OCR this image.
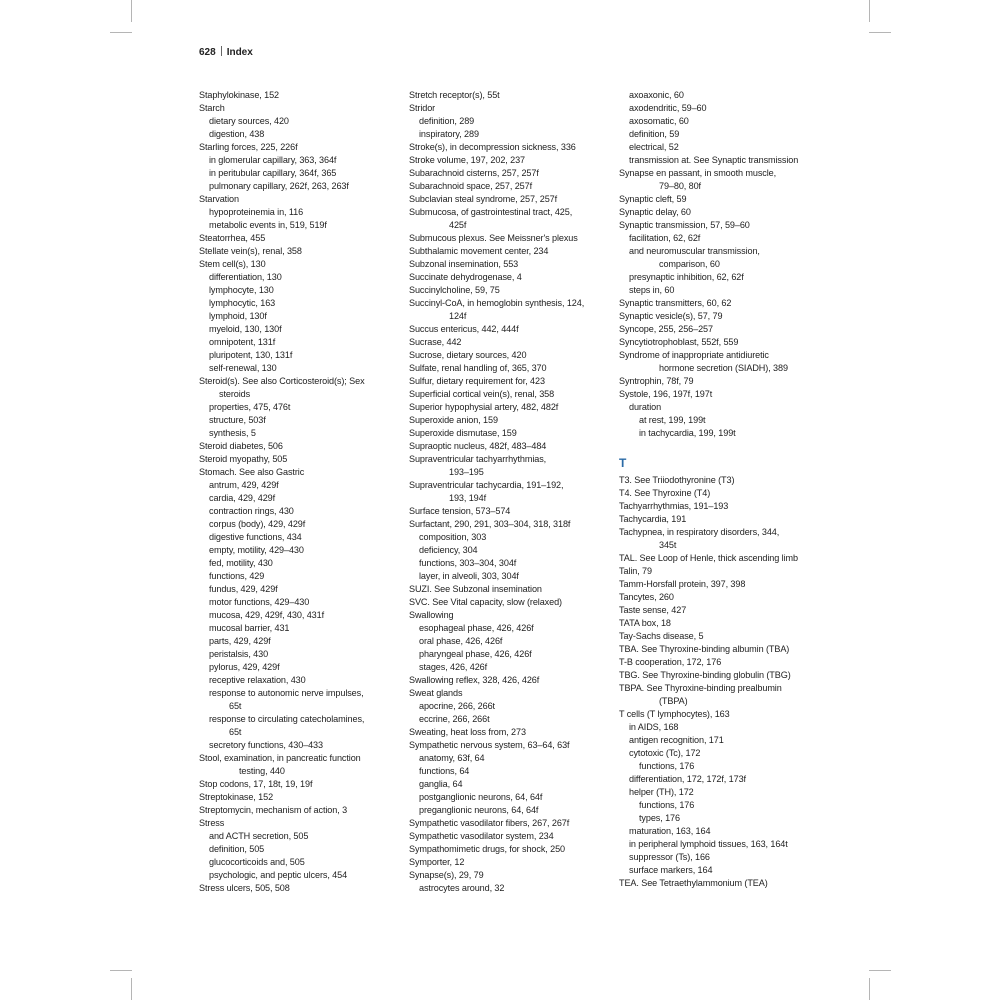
628 Index
Staphylokinase, 152
Starch
dietary sources, 420
digestion, 438
Starling forces, 225, 226f
in glomerular capillary, 363, 364f
in peritubular capillary, 364f, 365
pulmonary capillary, 262f, 263, 263f
Starvation
hypoproteinemia in, 116
metabolic events in, 519, 519f
Steatorrhea, 455
Stellate vein(s), renal, 358
Stem cell(s), 130
differentiation, 130
lymphocyte, 130
lymphocytic, 163
lymphoid, 130f
myeloid, 130, 130f
omnipotent, 131f
pluripotent, 130, 131f
self-renewal, 130
Steroid(s). See also Corticosteroid(s); Sex
steroids
properties, 475, 476t
structure, 503f
synthesis, 5
Steroid diabetes, 506
Steroid myopathy, 505
Stomach. See also Gastric
antrum, 429, 429f
cardia, 429, 429f
contraction rings, 430
corpus (body), 429, 429f
digestive functions, 434
empty, motility, 429–430
fed, motility, 430
functions, 429
fundus, 429, 429f
motor functions, 429–430
mucosa, 429, 429f, 430, 431f
mucosal barrier, 431
parts, 429, 429f
peristalsis, 430
pylorus, 429, 429f
receptive relaxation, 430
response to autonomic nerve impulses,
65t
response to circulating catecholamines,
65t
secretory functions, 430–433
Stool, examination, in pancreatic function
testing, 440
Stop codons, 17, 18t, 19, 19f
Streptokinase, 152
Streptomycin, mechanism of action, 3
Stress
and ACTH secretion, 505
definition, 505
glucocorticoids and, 505
psychologic, and peptic ulcers, 454
Stress ulcers, 505, 508
Stretch receptor(s), 55t
Stridor
definition, 289
inspiratory, 289
Stroke(s), in decompression sickness, 336
Stroke volume, 197, 202, 237
Subarachnoid cisterns, 257, 257f
Subarachnoid space, 257, 257f
Subclavian steal syndrome, 257, 257f
Submucosa, of gastrointestinal tract, 425,
425f
Submucous plexus. See Meissner's plexus
Subthalamic movement center, 234
Subzonal insemination, 553
Succinate dehydrogenase, 4
Succinylcholine, 59, 75
Succinyl-CoA, in hemoglobin synthesis, 124,
124f
Succus entericus, 442, 444f
Sucrase, 442
Sucrose, dietary sources, 420
Sulfate, renal handling of, 365, 370
Sulfur, dietary requirement for, 423
Superficial cortical vein(s), renal, 358
Superior hypophysial artery, 482, 482f
Superoxide anion, 159
Superoxide dismutase, 159
Supraoptic nucleus, 482f, 483–484
Supraventricular tachyarrhythmias,
193–195
Supraventricular tachycardia, 191–192,
193, 194f
Surface tension, 573–574
Surfactant, 290, 291, 303–304, 318, 318f
composition, 303
deficiency, 304
functions, 303–304, 304f
layer, in alveoli, 303, 304f
SUZI. See Subzonal insemination
SVC. See Vital capacity, slow (relaxed)
Swallowing
esophageal phase, 426, 426f
oral phase, 426, 426f
pharyngeal phase, 426, 426f
stages, 426, 426f
Swallowing reflex, 328, 426, 426f
Sweat glands
apocrine, 266, 266t
eccrine, 266, 266t
Sweating, heat loss from, 273
Sympathetic nervous system, 63–64, 63f
anatomy, 63f, 64
functions, 64
ganglia, 64
postganglionic neurons, 64, 64f
preganglionic neurons, 64, 64f
Sympathetic vasodilator fibers, 267, 267f
Sympathetic vasodilator system, 234
Sympathomimetic drugs, for shock, 250
Symporter, 12
Synapse(s), 29, 79
astrocytes around, 32
axoaxonic, 60
axodendritic, 59–60
axosomatic, 60
definition, 59
electrical, 52
transmission at. See Synaptic transmission
Synapse en passant, in smooth muscle,
79–80, 80f
Synaptic cleft, 59
Synaptic delay, 60
Synaptic transmission, 57, 59–60
facilitation, 62, 62f
and neuromuscular transmission,
comparison, 60
presynaptic inhibition, 62, 62f
steps in, 60
Synaptic transmitters, 60, 62
Synaptic vesicle(s), 57, 79
Syncope, 255, 256–257
Syncytiotrophoblast, 552f, 559
Syndrome of inappropriate antidiuretic
hormone secretion (SIADH), 389
Syntrophin, 78f, 79
Systole, 196, 197f, 197t
duration
at rest, 199, 199t
in tachycardia, 199, 199t
T
T3. See Triiodothyronine (T3)
T4. See Thyroxine (T4)
Tachyarrhythmias, 191–193
Tachycardia, 191
Tachypnea, in respiratory disorders, 344,
345t
TAL. See Loop of Henle, thick ascending limb
Talin, 79
Tamm-Horsfall protein, 397, 398
Tancytes, 260
Taste sense, 427
TATA box, 18
Tay-Sachs disease, 5
TBA. See Thyroxine-binding albumin (TBA)
T-B cooperation, 172, 176
TBG. See Thyroxine-binding globulin (TBG)
TBPA. See Thyroxine-binding prealbumin
(TBPA)
T cells (T lymphocytes), 163
in AIDS, 168
antigen recognition, 171
cytotoxic (Tc), 172
functions, 176
differentiation, 172, 172f, 173f
helper (TH), 172
functions, 176
types, 176
maturation, 163, 164
in peripheral lymphoid tissues, 163, 164t
suppressor (Ts), 166
surface markers, 164
TEA. See Tetraethylammonium (TEA)
